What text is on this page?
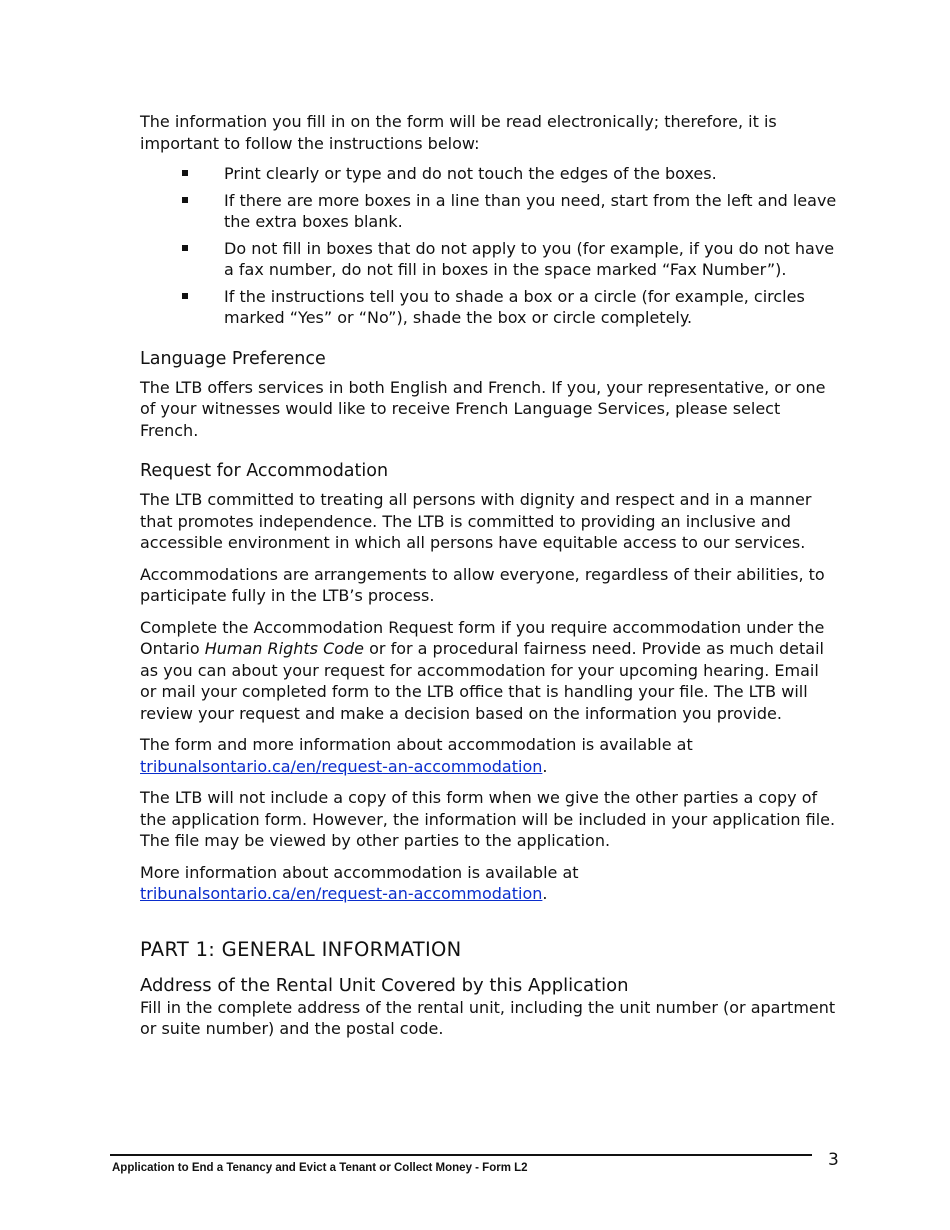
The information you fill in on the form will be read electronically; therefore, it is important to follow the instructions below:

Print clearly or type and do not touch the edges of the boxes.
If there are more boxes in a line than you need, start from the left and leave the extra boxes blank.
Do not fill in boxes that do not apply to you (for example, if you do not have a fax number, do not fill in boxes in the space marked “Fax Number”).
If the instructions tell you to shade a box or a circle (for example, circles marked “Yes” or “No”), shade the box or circle completely.
Language Preference

The LTB offers services in both English and French. If you, your representative, or one of your witnesses would like to receive French Language Services, please select French.

Request for Accommodation

The LTB committed to treating all persons with dignity and respect and in a manner that promotes independence. The LTB is committed to providing an inclusive and accessible environment in which all persons have equitable access to our services.

Accommodations are arrangements to allow everyone, regardless of their abilities, to participate fully in the LTB’s process.

Complete the Accommodation Request form if you require accommodation under the Ontario Human Rights Code or for a procedural fairness need. Provide as much detail as you can about your request for accommodation for your upcoming hearing. Email or mail your completed form to the LTB office that is handling your file. The LTB will review your request and make a decision based on the information you provide.

The form and more information about accommodation is available at
tribunalsontario.ca/en/request-an-accommodation.

The LTB will not include a copy of this form when we give the other parties a copy of the application form. However, the information will be included in your application file. The file may be viewed by other parties to the application.

More information about accommodation is available at
tribunalsontario.ca/en/request-an-accommodation.

PART 1: GENERAL INFORMATION
Address of the Rental Unit Covered by this Application

Fill in the complete address of the rental unit, including the unit number (or apartment or suite number) and the postal code.

Application to End a Tenancy and Evict a Tenant or Collect Money - Form L2	3
